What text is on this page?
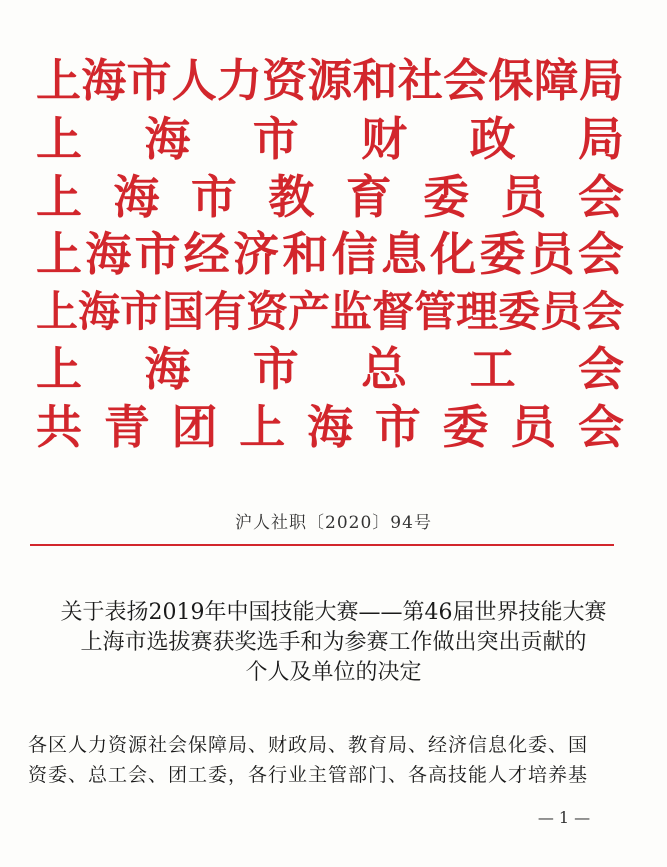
上 海 市 人 力 资 源 和 社 会 保 障 局
上 海 市 财 政 局
上 海 市 教 育 委 员 会
上 海 市 经 济 和 信 息 化 委 员 会
上 海 市 国 有 资 产 监 督 管 理 委 员 会
上 海 市 总 工 会
共 青 团 上 海 市 委 员 会
沪人社职〔2020〕94号
关于表扬2019年中国技能大赛——第46届世界技能大赛
上海市选拔赛获奖选手和为参赛工作做出突出贡献的
个人及单位的决定
各区人力资源社会保障局、财政局、教育局、经济信息化委、国
资委、总工会、团工委，各行业主管部门、各高技能人才培养基
— 1 —
